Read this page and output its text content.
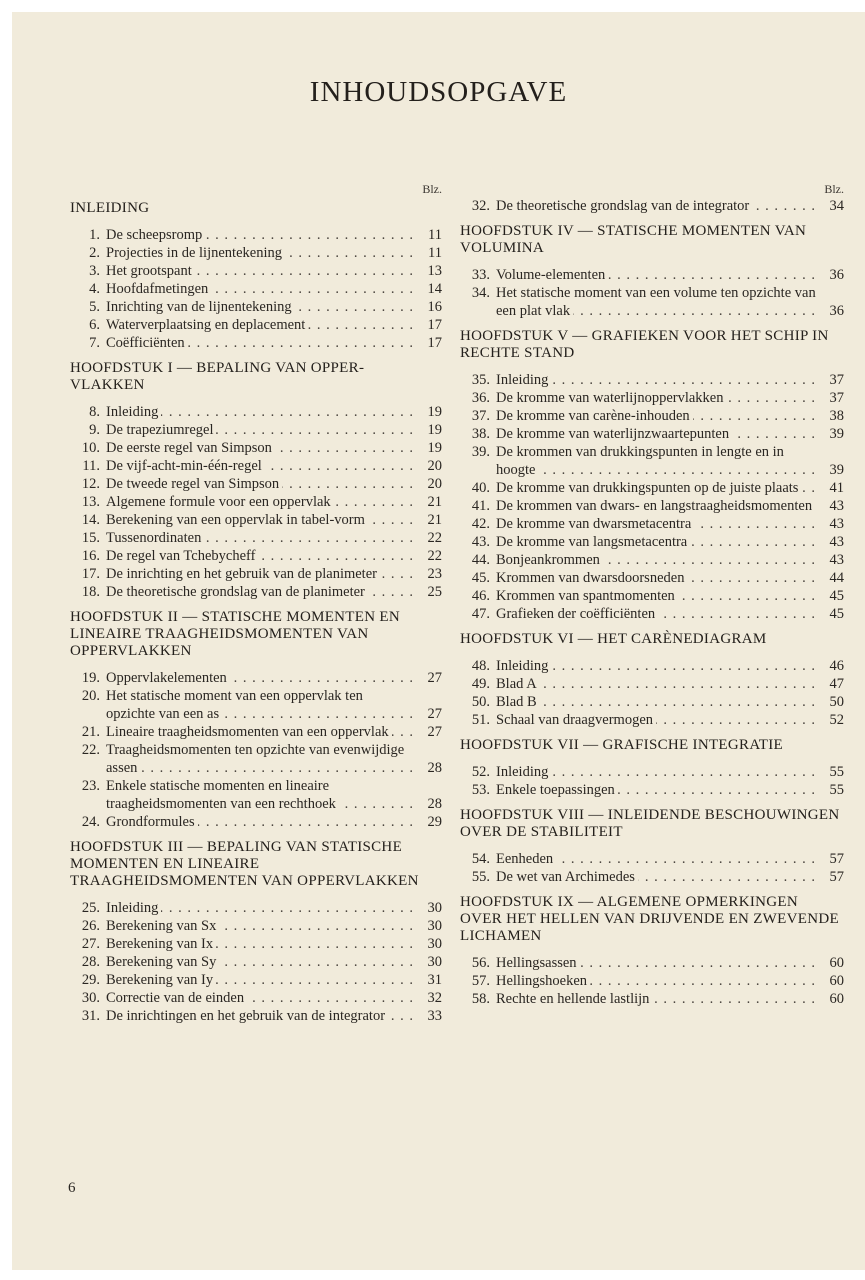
INHOUDSOPGAVE
Blz.
INLEIDING
1. De scheepsromp . . .	11
2. Projecties in de lijnentekening . . .	11
3. Het grootspant . . .	13
4. Hoofdafmetingen . . .	14
5. Inrichting van de lijnentekening . . .	16
6. Waterverplaatsing en deplacement . . .	17
7. Coëfficiënten . . .	17
HOOFDSTUK I — BEPALING VAN OPPER-
VLAKKEN
8. Inleiding . . .	19
9. De trapeziumregel . . .	19
10. De eerste regel van Simpson . . .	19
11. De vijf-acht-min-één-regel . . .	20
12. De tweede regel van Simpson . . .	20
13. Algemene formule voor een oppervlak . . .	21
14. Berekening van een oppervlak in tabel-vorm . . .	21
15. Tussenordinaten . . .	22
16. De regel van Tchebycheff . . .	22
17. De inrichting en het gebruik van de planimeter . . .	23
18. De theoretische grondslag van de planimeter . . .	25
HOOFDSTUK II — STATISCHE MOMENTEN EN LINEAIRE TRAAGHEIDSMOMENTEN VAN OPPERVLAKKEN
19. Oppervlakelementen . . .	27
20. Het statische moment van een oppervlak ten opzichte van een as . . .	27
21. Lineaire traagheidsmomenten van een oppervlak . . .	27
22. Traagheidsmomenten ten opzichte van evenwijdige assen . . .	28
23. Enkele statische momenten en lineaire traagheidsmomenten van een rechthoek . . .	28
24. Grondformules . . .	29
HOOFDSTUK III — BEPALING VAN STATISCHE MOMENTEN EN LINEAIRE TRAAGHEIDSMOMENTEN VAN OPPERVLAKKEN
25. Inleiding . . .	30
26. Berekening van Sx . . .	30
27. Berekening van Ix . . .	30
28. Berekening van Sy . . .	30
29. Berekening van Iy . . .	31
30. Correctie van de einden . . .	32
31. De inrichtingen en het gebruik van de integrator . . .	33
Blz.
32. De theoretische grondslag van de integrator . . .	34
HOOFDSTUK IV — STATISCHE MOMENTEN VAN VOLUMINA
33. Volume-elementen . . .	36
34. Het statische moment van een volume ten opzichte van een plat vlak . . .	36
HOOFDSTUK V — GRAFIEKEN VOOR HET SCHIP IN RECHTE STAND
35. Inleiding . . .	37
36. De kromme van waterlijnoppervlakken . . .	37
37. De kromme van carène-inhouden . . .	38
38. De kromme van waterlijnzwaartepunten . . .	39
39. De krommen van drukkingspunten in lengte en in hoogte . . .	39
40. De kromme van drukkingspunten op de juiste plaats . . .	41
41. De krommen van dwars- en langstraagheidsmomenten . . .	43
42. De kromme van dwarsmetacentra . . .	43
43. De kromme van langsmetacentra . . .	43
44. Bonjeankrommen . . .	43
45. Krommen van dwarsdoorsneden . . .	44
46. Krommen van spantmomenten . . .	45
47. Grafieken der coëfficiënten . . .	45
HOOFDSTUK VI — HET CARÈNEDIAGRAM
48. Inleiding . . .	46
49. Blad A . . .	47
50. Blad B . . .	50
51. Schaal van draagvermogen . . .	52
HOOFDSTUK VII — GRAFISCHE INTEGRATIE
52. Inleiding . . .	55
53. Enkele toepassingen . . .	55
HOOFDSTUK VIII — INLEIDENDE BESCHOUWINGEN OVER DE STABILITEIT
54. Eenheden . . .	57
55. De wet van Archimedes . . .	57
HOOFDSTUK IX — ALGEMENE OPMERKINGEN OVER HET HELLEN VAN DRIJVENDE EN ZWEVENDE LICHAMEN
56. Hellingsassen . . .	60
57. Hellingshoeken . . .	60
58. Rechte en hellende lastlijn . . .	60
6
